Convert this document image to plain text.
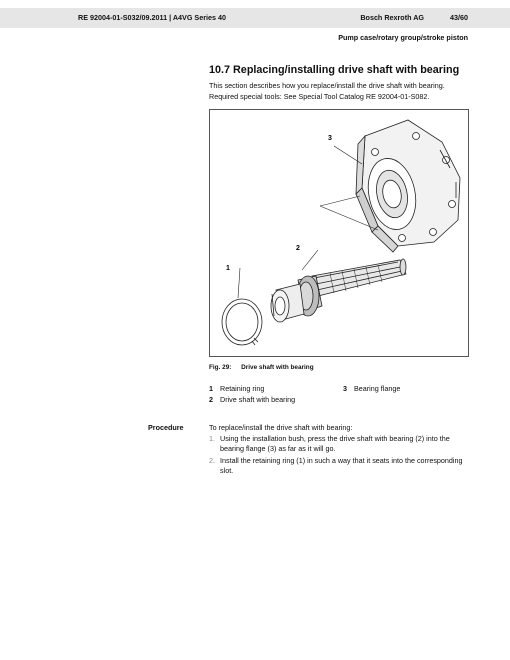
RE 92004-01-S032/09.2011 | A4VG Series 40	Bosch Rexroth AG	43/60
Pump case/rotary group/stroke piston
10.7 Replacing/installing drive shaft with bearing
This section describes how you replace/install the drive shaft with bearing.
Required special tools: See Special Tool Catalog RE 92004-01-S082.
3
2
1
Fig. 29: Drive shaft with bearing
1 Retaining ring
2 Drive shaft with bearing
3 Bearing flange
Procedure	To replace/install the drive shaft with bearing:
1. Using the installation bush, press the drive shaft with bearing (2) into the
bearing flange (3) as far as it will go.
2. Install the retaining ring (1) in such a way that it seats into the corresponding
slot.
